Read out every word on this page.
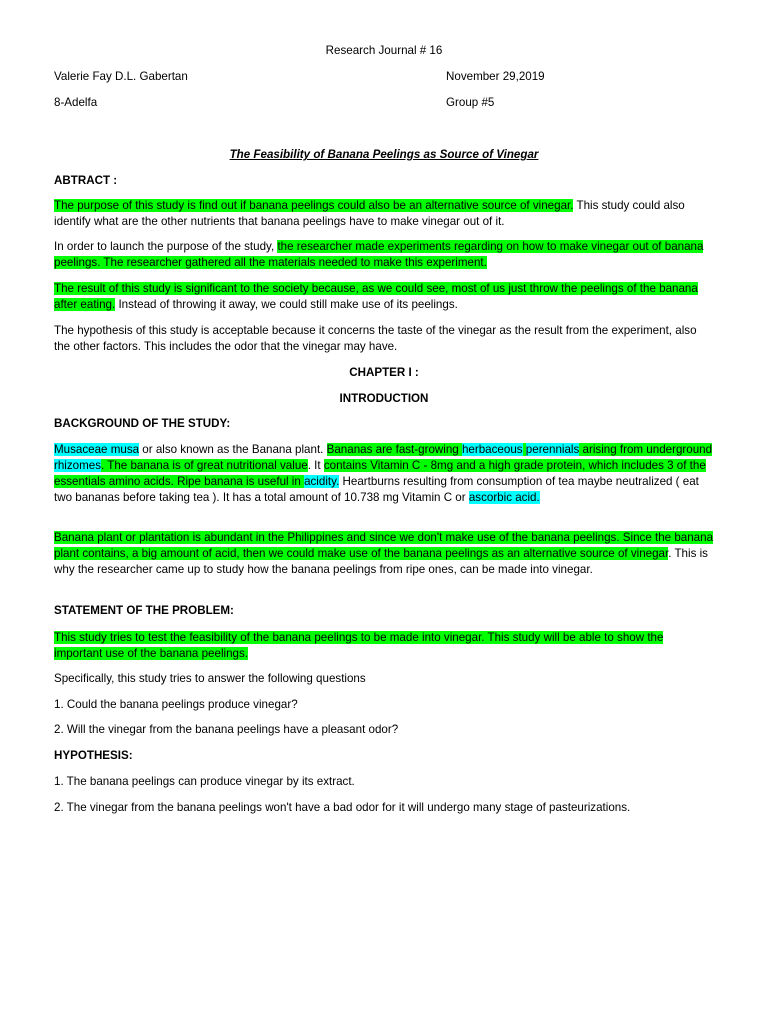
Research Journal # 16
Valerie Fay D.L. Gabertan	November 29,2019
8-Adelfa	Group #5
The Feasibility of Banana Peelings as Source of Vinegar
ABTRACT :

The purpose of this study is find out if banana peelings could also be an alternative source of vinegar. This study could also identify what are the other nutrients that banana peelings have to make vinegar out of it.

In order to launch the purpose of the study, the researcher made experiments regarding on how to make vinegar out of banana peelings. The researcher gathered all the materials needed to make this experiment.

The result of this study is significant to the society because, as we could see, most of us just throw the peelings of the banana after eating. Instead of throwing it away, we could still make use of its peelings.

The hypothesis of this study is acceptable because it concerns the taste of the vinegar as the result from the experiment, also the other factors. This includes the odor that the vinegar may have.

CHAPTER I :
INTRODUCTION
BACKGROUND OF THE STUDY:

Musaceae musa or also known as the Banana plant. Bananas are fast-growing herbaceous perennials arising from underground rhizomes. The banana is of great nutritional value. It contains Vitamin C - 8mg and a high grade protein, which includes 3 of the essentials amino acids. Ripe banana is useful in acidity. Heartburns resulting from consumption of tea maybe neutralized ( eat two bananas before taking tea ). It has a total amount of 10.738 mg Vitamin C or ascorbic acid.

Banana plant or plantation is abundant in the Philippines and since we don't make use of the banana peelings. Since the banana plant contains, a big amount of acid, then we could make use of the banana peelings as an alternative source of vinegar. This is why the researcher came up to study how the banana peelings from ripe ones, can be made into vinegar.

STATEMENT OF THE PROBLEM:

This study tries to test the feasibility of the banana peelings to be made into vinegar. This study will be able to show the important use of the banana peelings.

Specifically, this study tries to answer the following questions
1. Could the banana peelings produce vinegar?
2. Will the vinegar from the banana peelings have a pleasant odor?
HYPOTHESIS:
1. The banana peelings can produce vinegar by its extract.
2. The vinegar from the banana peelings won't have a bad odor for it will undergo many stage of pasteurizations.
